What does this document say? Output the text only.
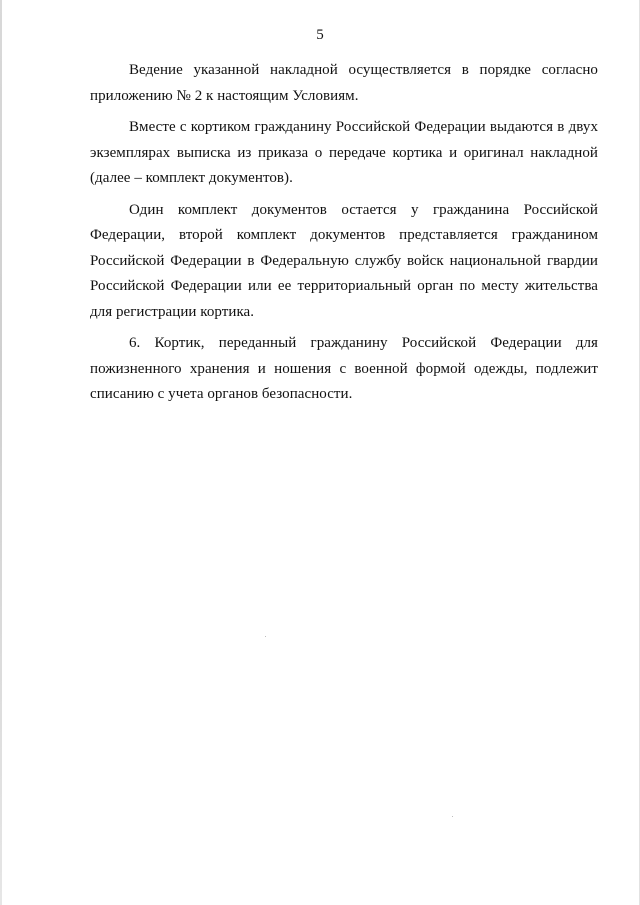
5

Ведение указанной накладной осуществляется в порядке согласно приложению № 2 к настоящим Условиям.

Вместе с кортиком гражданину Российской Федерации выдаются в двух экземплярах выписка из приказа о передаче кортика и оригинал накладной (далее – комплект документов).

Один комплект документов остается у гражданина Российской Федерации, второй комплект документов представляется гражданином Российской Федерации в Федеральную службу войск национальной гвардии Российской Федерации или ее территориальный орган по месту жительства для регистрации кортика.

6. Кортик, переданный гражданину Российской Федерации для пожизненного хранения и ношения с военной формой одежды, подлежит списанию с учета органов безопасности.
